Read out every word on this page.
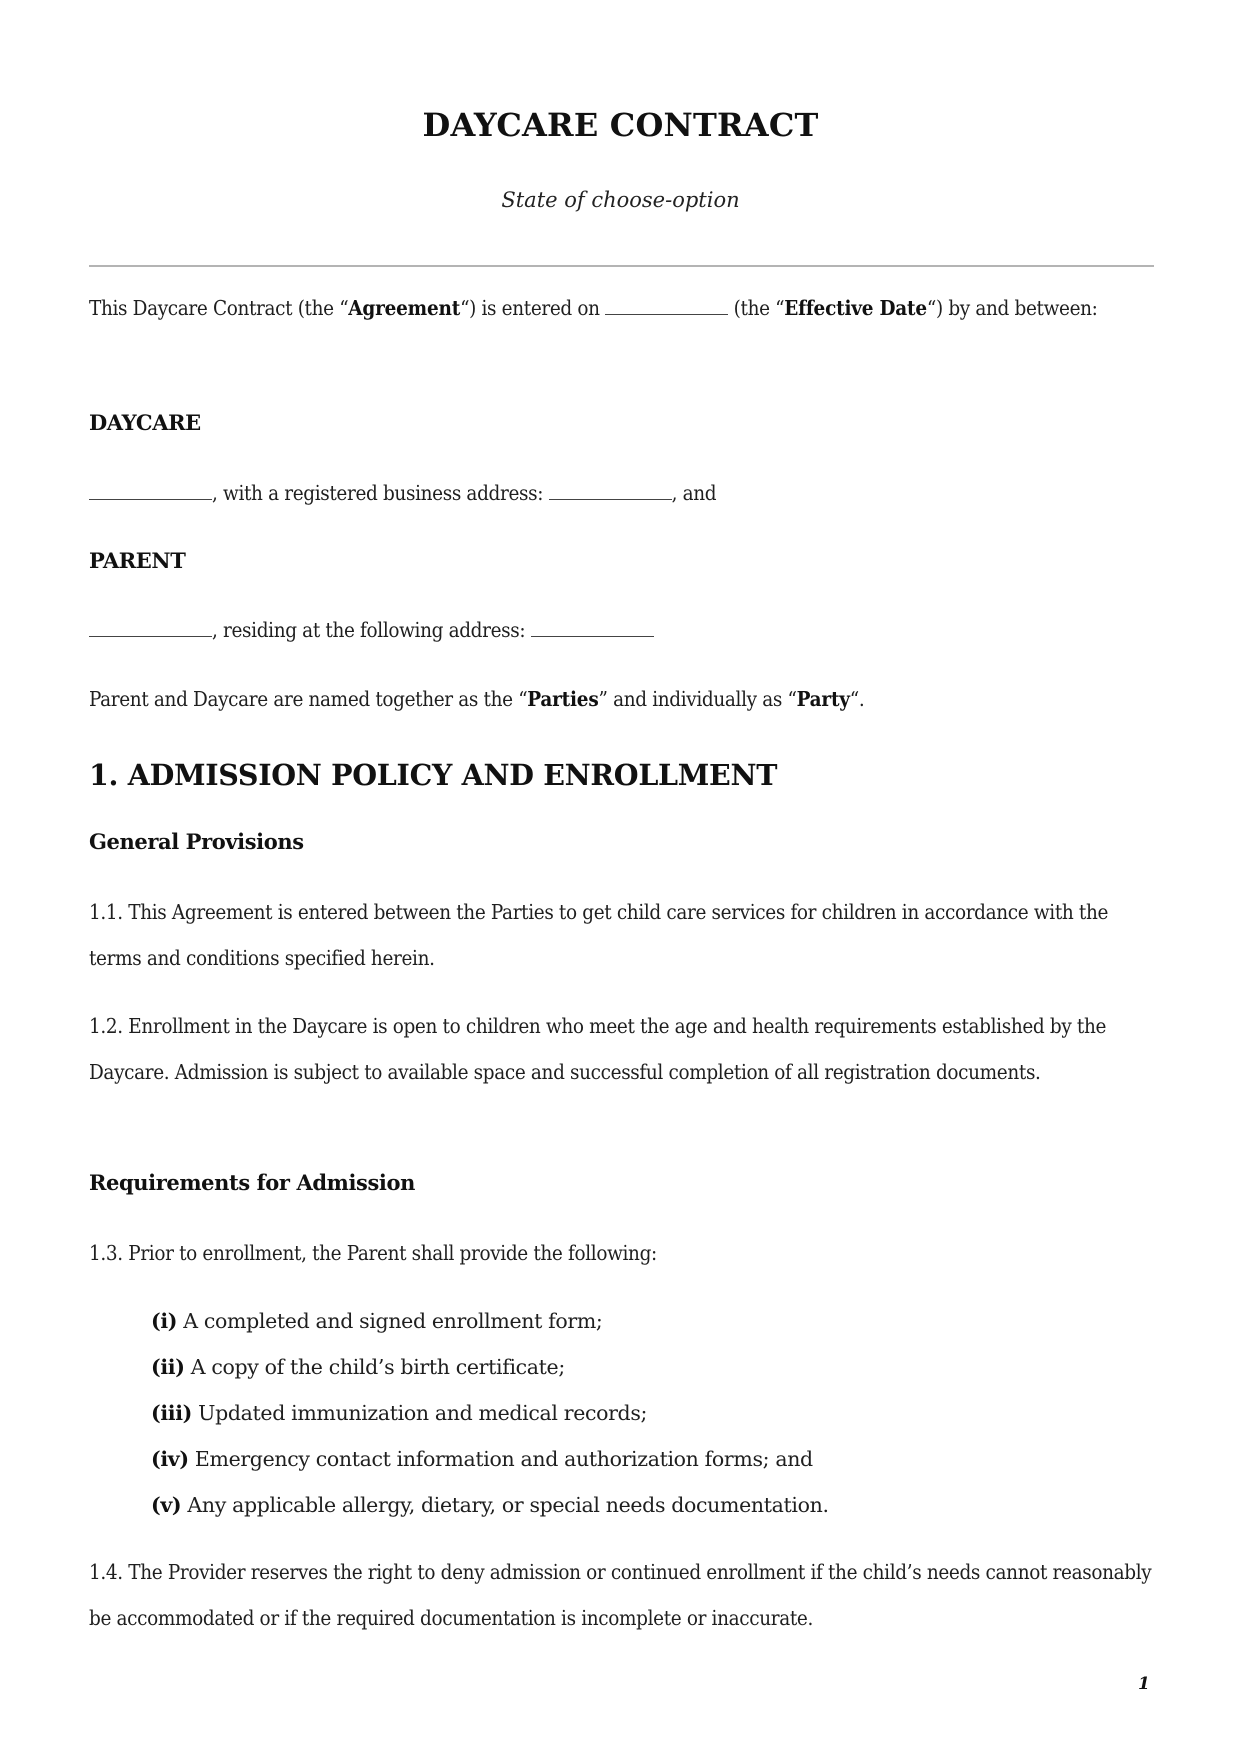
DAYCARE CONTRACT
State of choose-option
This Daycare Contract (the “Agreement“) is entered on	(the “Effective Date“) by and between:
DAYCARE
, with a registered business address:	, and
PARENT
, residing at the following address:
Parent and Daycare are named together as the “Parties” and individually as “Party“.
1. ADMISSION POLICY AND ENROLLMENT
General Provisions
1.1. This Agreement is entered between the Parties to get child care services for children in accordance with the terms and conditions specified herein.
1.2. Enrollment in the Daycare is open to children who meet the age and health requirements established by the Daycare. Admission is subject to available space and successful completion of all registration documents.
Requirements for Admission
1.3. Prior to enrollment, the Parent shall provide the following:
(i) A completed and signed enrollment form;
(ii) A copy of the child’s birth certificate;
(iii) Updated immunization and medical records;
(iv) Emergency contact information and authorization forms; and
(v) Any applicable allergy, dietary, or special needs documentation.
1.4. The Provider reserves the right to deny admission or continued enrollment if the child’s needs cannot reasonably be accommodated or if the required documentation is incomplete or inaccurate.
1
